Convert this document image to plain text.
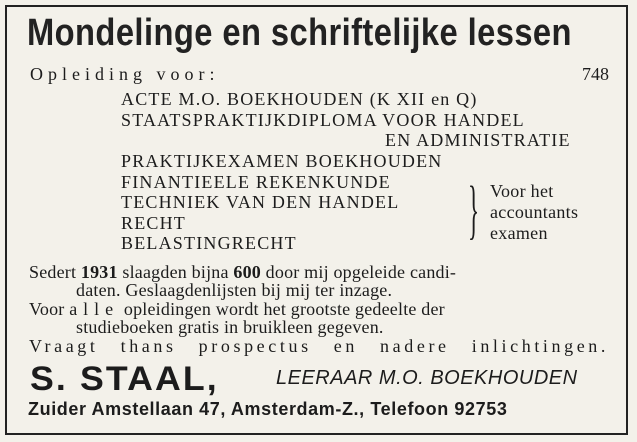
Mondelinge en schriftelijke lessen
Opleiding voor:	748
ACTE M.O. BOEKHOUDEN (K XII en Q)
STAATSPRAKTIJKDIPLOMA VOOR HANDEL
EN ADMINISTRATIE
PRAKTIJKEXAMEN BOEKHOUDEN
FINANTIEELE REKENKUNDE
TECHNIEK VAN DEN HANDEL
RECHT
BELASTINGRECHT	} Voor het
accountants
examen
Sedert 1931 slaagden bijna 600 door mij opgeleide candi-
daten. Geslaagdenlijsten bij mij ter inzage.
Voor alle opleidingen wordt het grootste gedeelte der
studieboeken gratis in bruikleen gegeven.
Vraagt thans prospectus en nadere inlichtingen.
S. STAAL,	LEERAAR M.O. BOEKHOUDEN
Zuider Amstellaan 47, Amsterdam-Z., Telefoon 92753
